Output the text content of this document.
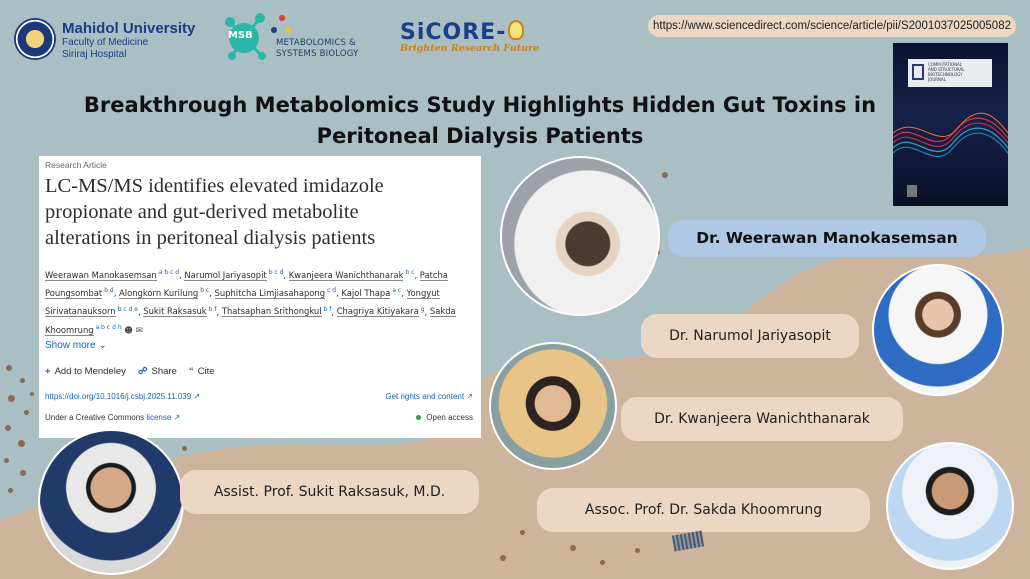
Mahidol University
Faculty of Medicine
Siriraj Hospital
MSB
METABOLOMICS &
SYSTEMS BIOLOGY
SiCORE-
Brighten Research Future
https://www.sciencedirect.com/science/article/pii/S2001037025005082
Breakthrough Metabolomics Study Highlights Hidden Gut Toxins in
Peritoneal Dialysis Patients
COMPUTATIONAL
AND STRUCTURAL
BIOTECHNOLOGY
JOURNAL
Research Article
LC-MS/MS identifies elevated imidazole
propionate and gut-derived metabolite
alterations in peritoneal dialysis patients
Weerawan Manokasemsan $^{a b c d}$, Narumol Jariyasopit $^{b c d}$, Kwanjeera Wanichthanarak $^{b c}$, Patcha Poungsombat $^{b d}$, Alongkorn Kurilung $^{b c}$, Suphitcha Limjiasahapong $^{c d}$, Kajol Thapa $^{a c}$, Yongyut Sirivatanauksorn $^{b c d e}$, Sukit Raksasuk $^{b f}$, Thatsaphan Srithongkul $^{b f}$, Chagriya Kitiyakara $^g$, Sakda Khoomrung $^{a b c d h}$ ☻ ✉
Show more ⌄
+ Add to Mendeley ☍ Share “ Cite
https://doi.org/10.1016/j.csbj.2025.11.039 ↗	Get rights and content ↗
Under a Creative Commons license ↗	Open access
Dr. Weerawan Manokasemsan
Dr. Narumol Jariyasopit
Dr. Kwanjeera Wanichthanarak
Assist. Prof. Sukit Raksasuk, M.D.
Assoc. Prof. Dr. Sakda Khoomrung
